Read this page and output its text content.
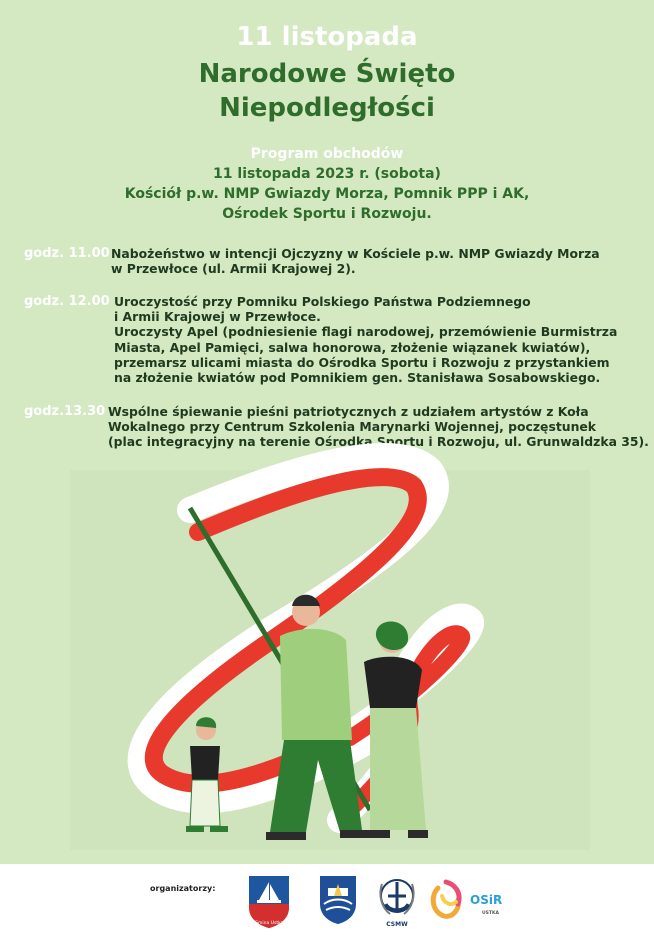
11 listopada
Narodowe Święto
Niepodległości
Program obchodów
11 listopada 2023 r. (sobota)
Kościół p.w. NMP Gwiazdy Morza, Pomnik PPP i AK,
Ośrodek Sportu i Rozwoju.
godz. 11.00 Nabożeństwo w intencji Ojczyzny w Kościele p.w. NMP Gwiazdy Morza
w Przewłoce (ul. Armii Krajowej 2).
godz. 12.00 Uroczystość przy Pomniku Polskiego Państwa Podziemnego
i Armii Krajowej w Przewłoce.
Uroczysty Apel (podniesienie flagi narodowej, przemówienie Burmistrza
Miasta, Apel Pamięci, salwa honorowa, złożenie wiązanek kwiatów),
przemarsz ulicami miasta do Ośrodka Sportu i Rozwoju z przystankiem
na złożenie kwiatów pod Pomnikiem gen. Stanisława Sosabowskiego.
godz.13.30 Wspólne śpiewanie pieśni patriotycznych z udziałem artystów z Koła
Wokalnego przy Centrum Szkolenia Marynarki Wojennej, poczęstunek
(plac integracyjny na terenie Ośrodka Sportu i Rozwoju, ul. Grunwaldzka 35).
organizatorzy:
Gmina Ustka	CSMW
OSiR
USTKA
